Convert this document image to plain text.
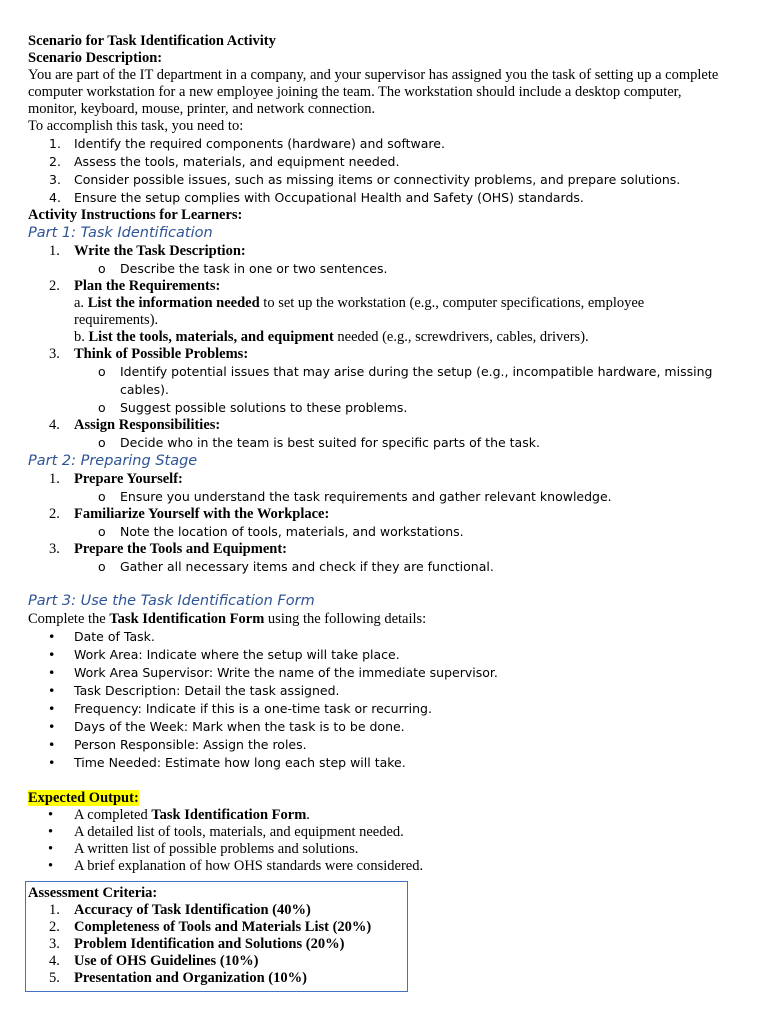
Scenario for Task Identification Activity
Scenario Description:
You are part of the IT department in a company, and your supervisor has assigned you the task of setting up a complete computer workstation for a new employee joining the team. The workstation should include a desktop computer, monitor, keyboard, mouse, printer, and network connection.
To accomplish this task, you need to:
1. Identify the required components (hardware) and software.
2. Assess the tools, materials, and equipment needed.
3. Consider possible issues, such as missing items or connectivity problems, and prepare solutions.
4. Ensure the setup complies with Occupational Health and Safety (OHS) standards.
Activity Instructions for Learners:
Part 1: Task Identification
1. Write the Task Description:
o Describe the task in one or two sentences.
2. Plan the Requirements:
a. List the information needed to set up the workstation (e.g., computer specifications, employee requirements).
b. List the tools, materials, and equipment needed (e.g., screwdrivers, cables, drivers).
3. Think of Possible Problems:
o Identify potential issues that may arise during the setup (e.g., incompatible hardware, missing cables).
o Suggest possible solutions to these problems.
4. Assign Responsibilities:
o Decide who in the team is best suited for specific parts of the task.
Part 2: Preparing Stage
1. Prepare Yourself:
o Ensure you understand the task requirements and gather relevant knowledge.
2. Familiarize Yourself with the Workplace:
o Note the location of tools, materials, and workstations.
3. Prepare the Tools and Equipment:
o Gather all necessary items and check if they are functional.
Part 3: Use the Task Identification Form
Complete the Task Identification Form using the following details:
• Date of Task.
• Work Area: Indicate where the setup will take place.
• Work Area Supervisor: Write the name of the immediate supervisor.
• Task Description: Detail the task assigned.
• Frequency: Indicate if this is a one-time task or recurring.
• Days of the Week: Mark when the task is to be done.
• Person Responsible: Assign the roles.
• Time Needed: Estimate how long each step will take.
Expected Output:
• A completed Task Identification Form.
• A detailed list of tools, materials, and equipment needed.
• A written list of possible problems and solutions.
• A brief explanation of how OHS standards were considered.
Assessment Criteria:
1. Accuracy of Task Identification (40%)
2. Completeness of Tools and Materials List (20%)
3. Problem Identification and Solutions (20%)
4. Use of OHS Guidelines (10%)
5. Presentation and Organization (10%)
